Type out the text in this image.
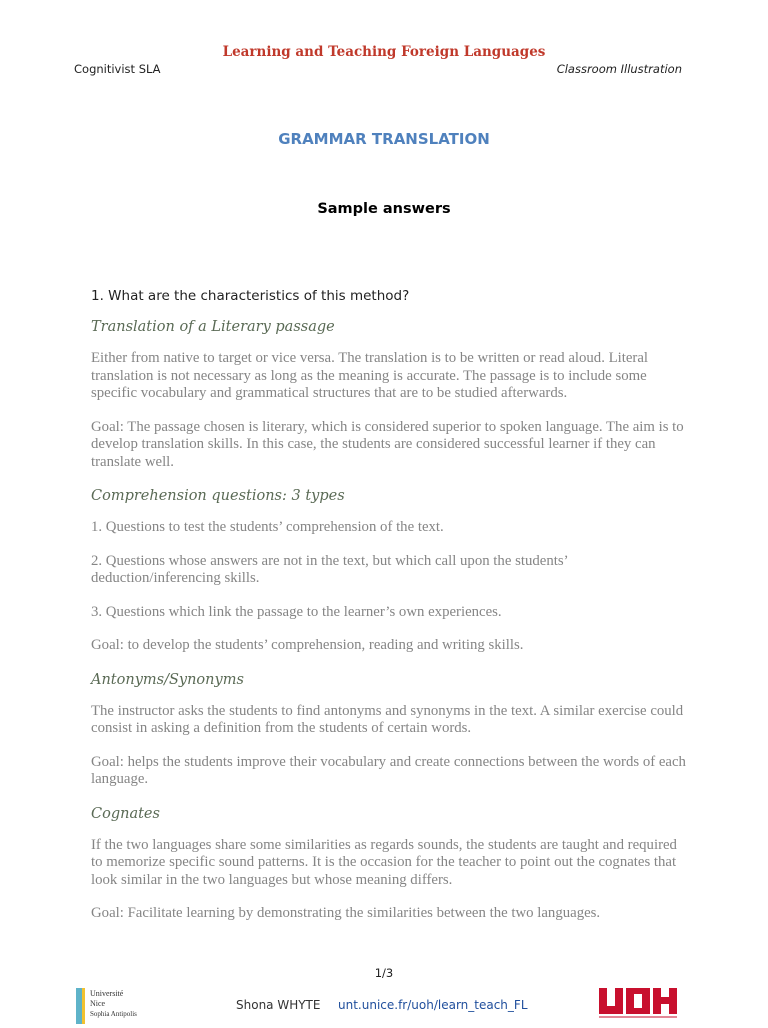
Learning and Teaching Foreign Languages
Cognitivist SLA	Classroom Illustration
GRAMMAR TRANSLATION
Sample answers

1. What are the characteristics of this method?

Translation of a Literary passage

Either from native to target or vice versa. The translation is to be written or read aloud. Literal translation is not necessary as long as the meaning is accurate. The passage is to include some specific vocabulary and grammatical structures that are to be studied afterwards.

Goal: The passage chosen is literary, which is considered superior to spoken language. The aim is to develop translation skills. In this case, the students are considered successful learner if they can translate well.

Comprehension questions: 3 types

1. Questions to test the students’ comprehension of the text.

2. Questions whose answers are not in the text, but which call upon the students’ deduction/inferencing skills.

3. Questions which link the passage to the learner’s own experiences.

Goal: to develop the students’ comprehension, reading and writing skills.

Antonyms/Synonyms

The instructor asks the students to find antonyms and synonyms in the text. A similar exercise could consist in asking a definition from the students of certain words.

Goal: helps the students improve their vocabulary and create connections between the words of each language.

Cognates

If the two languages share some similarities as regards sounds, the students are taught and required to memorize specific sound patterns. It is the occasion for the teacher to point out the cognates that look similar in the two languages but whose meaning differs.

Goal: Facilitate learning by demonstrating the similarities between the two languages.

1/3
Université
Nice
Sophia Antipolis
Shona WHYTE unt.unice.fr/uoh/learn_teach_FL
